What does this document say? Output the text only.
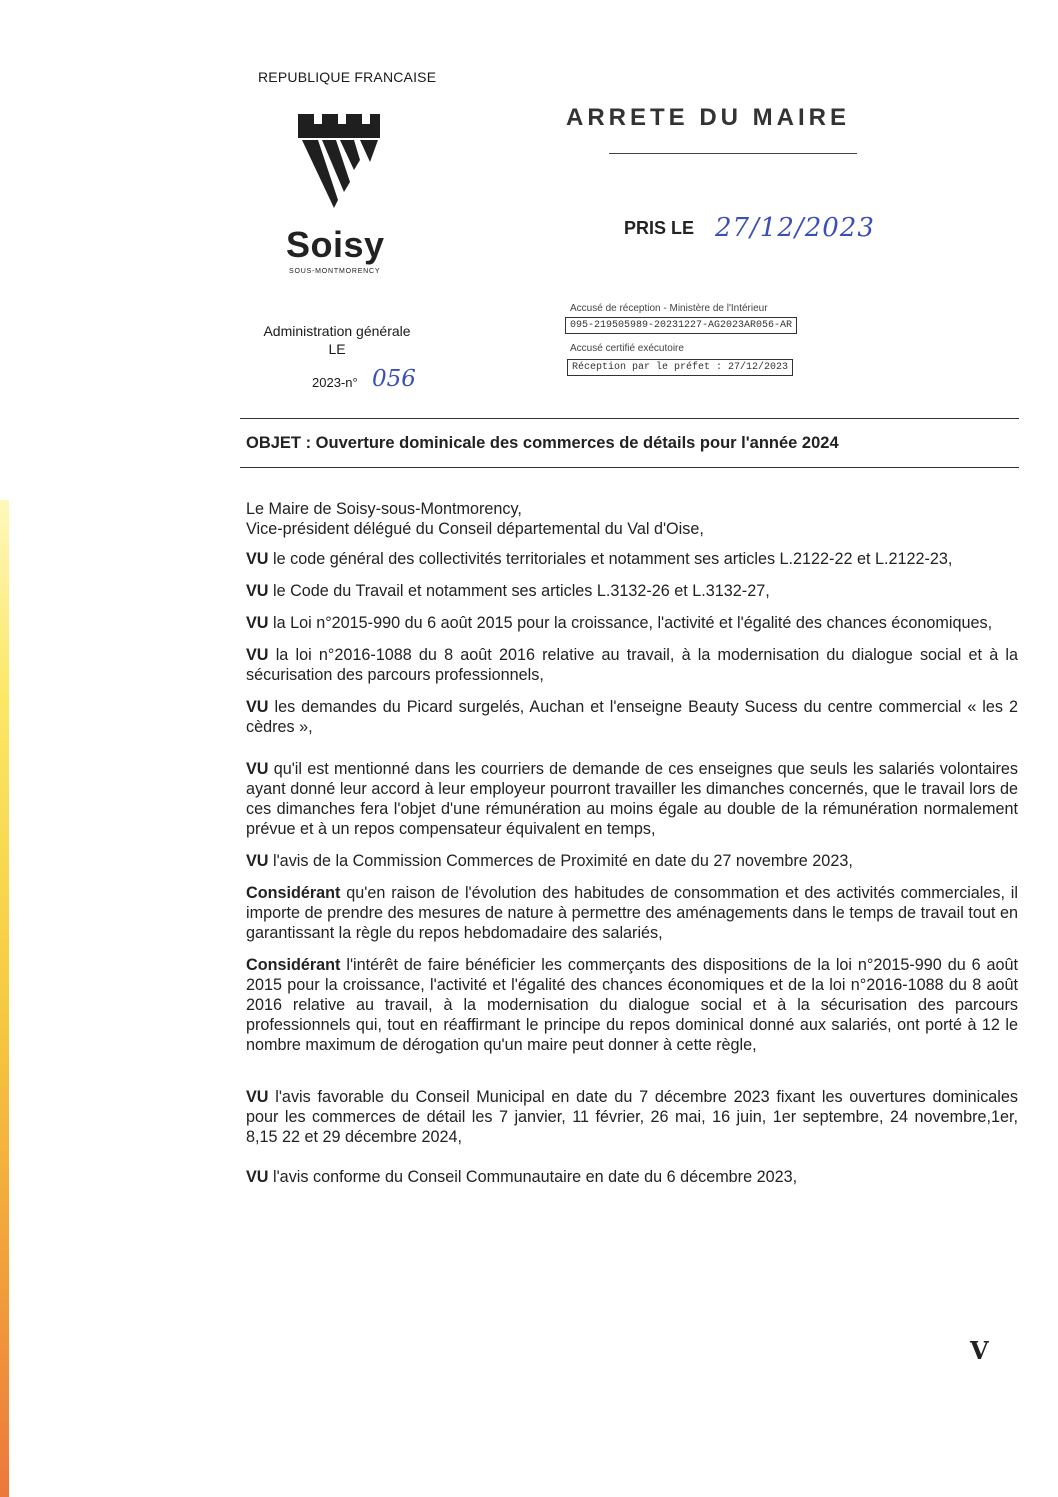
REPUBLIQUE FRANCAISE
Soisy
SOUS-MONTMORENCY
ARRETE DU MAIRE
PRIS LE 27/12/2023
Accusé de réception - Ministère de l'Intérieur
095-219505989-20231227-AG2023AR056-AR
Accusé certifié exécutoire
Réception par le préfet : 27/12/2023
Administration générale
LE
2023-n° 056
OBJET : Ouverture dominicale des commerces de détails pour l'année 2024

Le Maire de Soisy-sous-Montmorency,

Vice-président délégué du Conseil départemental du Val d'Oise,

VU le code général des collectivités territoriales et notamment ses articles L.2122-22 et L.2122-23,

VU le Code du Travail et notamment ses articles L.3132-26 et L.3132-27,

VU la Loi n°2015-990 du 6 août 2015 pour la croissance, l'activité et l'égalité des chances économiques,

VU la loi n°2016-1088 du 8 août 2016 relative au travail, à la modernisation du dialogue social et à la sécurisation des parcours professionnels,

VU les demandes du Picard surgelés, Auchan et l'enseigne Beauty Sucess du centre commercial « les 2 cèdres »,

VU qu'il est mentionné dans les courriers de demande de ces enseignes que seuls les salariés volontaires ayant donné leur accord à leur employeur pourront travailler les dimanches concernés, que le travail lors de ces dimanches fera l'objet d'une rémunération au moins égale au double de la rémunération normalement prévue et à un repos compensateur équivalent en temps,

VU l'avis de la Commission Commerces de Proximité en date du 27 novembre 2023,

Considérant qu'en raison de l'évolution des habitudes de consommation et des activités commerciales, il importe de prendre des mesures de nature à permettre des aménagements dans le temps de travail tout en garantissant la règle du repos hebdomadaire des salariés,

Considérant l'intérêt de faire bénéficier les commerçants des dispositions de la loi n°2015-990 du 6 août 2015 pour la croissance, l'activité et l'égalité des chances économiques et de la loi n°2016-1088 du 8 août 2016 relative au travail, à la modernisation du dialogue social et à la sécurisation des parcours professionnels qui, tout en réaffirmant le principe du repos dominical donné aux salariés, ont porté à 12 le nombre maximum de dérogation qu'un maire peut donner à cette règle,

VU l'avis favorable du Conseil Municipal en date du 7 décembre 2023 fixant les ouvertures dominicales pour les commerces de détail les 7 janvier, 11 février, 26 mai, 16 juin, 1er septembre, 24 novembre,1er, 8,15 22 et 29 décembre 2024,

VU l'avis conforme du Conseil Communautaire en date du 6 décembre 2023,

V
